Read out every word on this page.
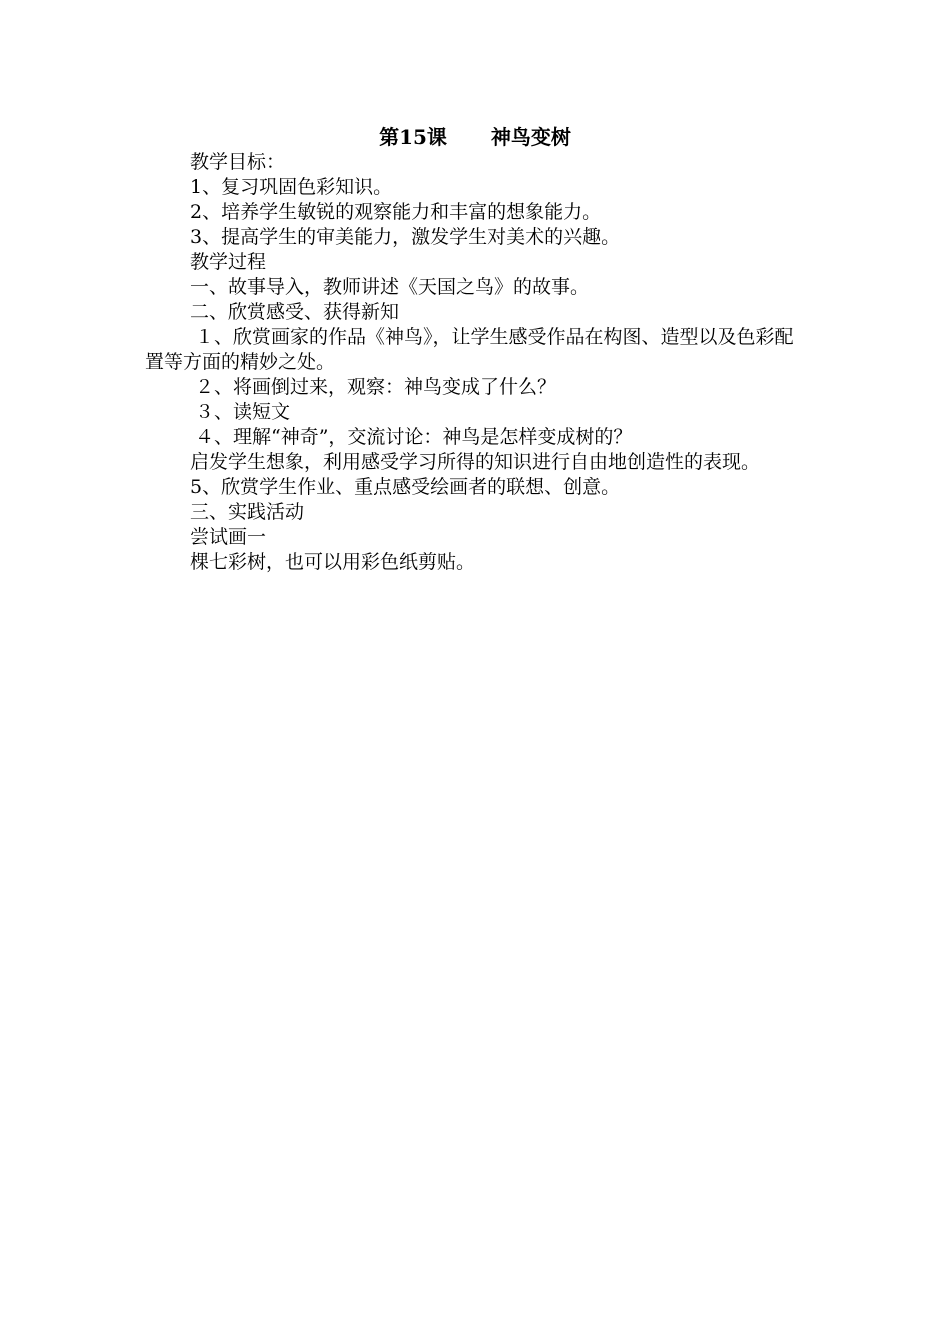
第15课 神鸟变树

教学目标：

1、复习巩固色彩知识。

2、培养学生敏锐的观察能力和丰富的想象能力。

3、提高学生的审美能力，激发学生对美术的兴趣。

教学过程

一、故事导入，教师讲述《天国之鸟》的故事。

二、欣赏感受、获得新知

１、欣赏画家的作品《神鸟》，让学生感受作品在构图、造型以及色彩配置等方面的精妙之处。

２、将画倒过来，观察：神鸟变成了什么？

３、读短文

４、理解“神奇”，交流讨论：神鸟是怎样变成树的？

启发学生想象，利用感受学习所得的知识进行自由地创造性的表现。

5、欣赏学生作业、重点感受绘画者的联想、创意。

三、实践活动

尝试画一

棵七彩树，也可以用彩色纸剪贴。
